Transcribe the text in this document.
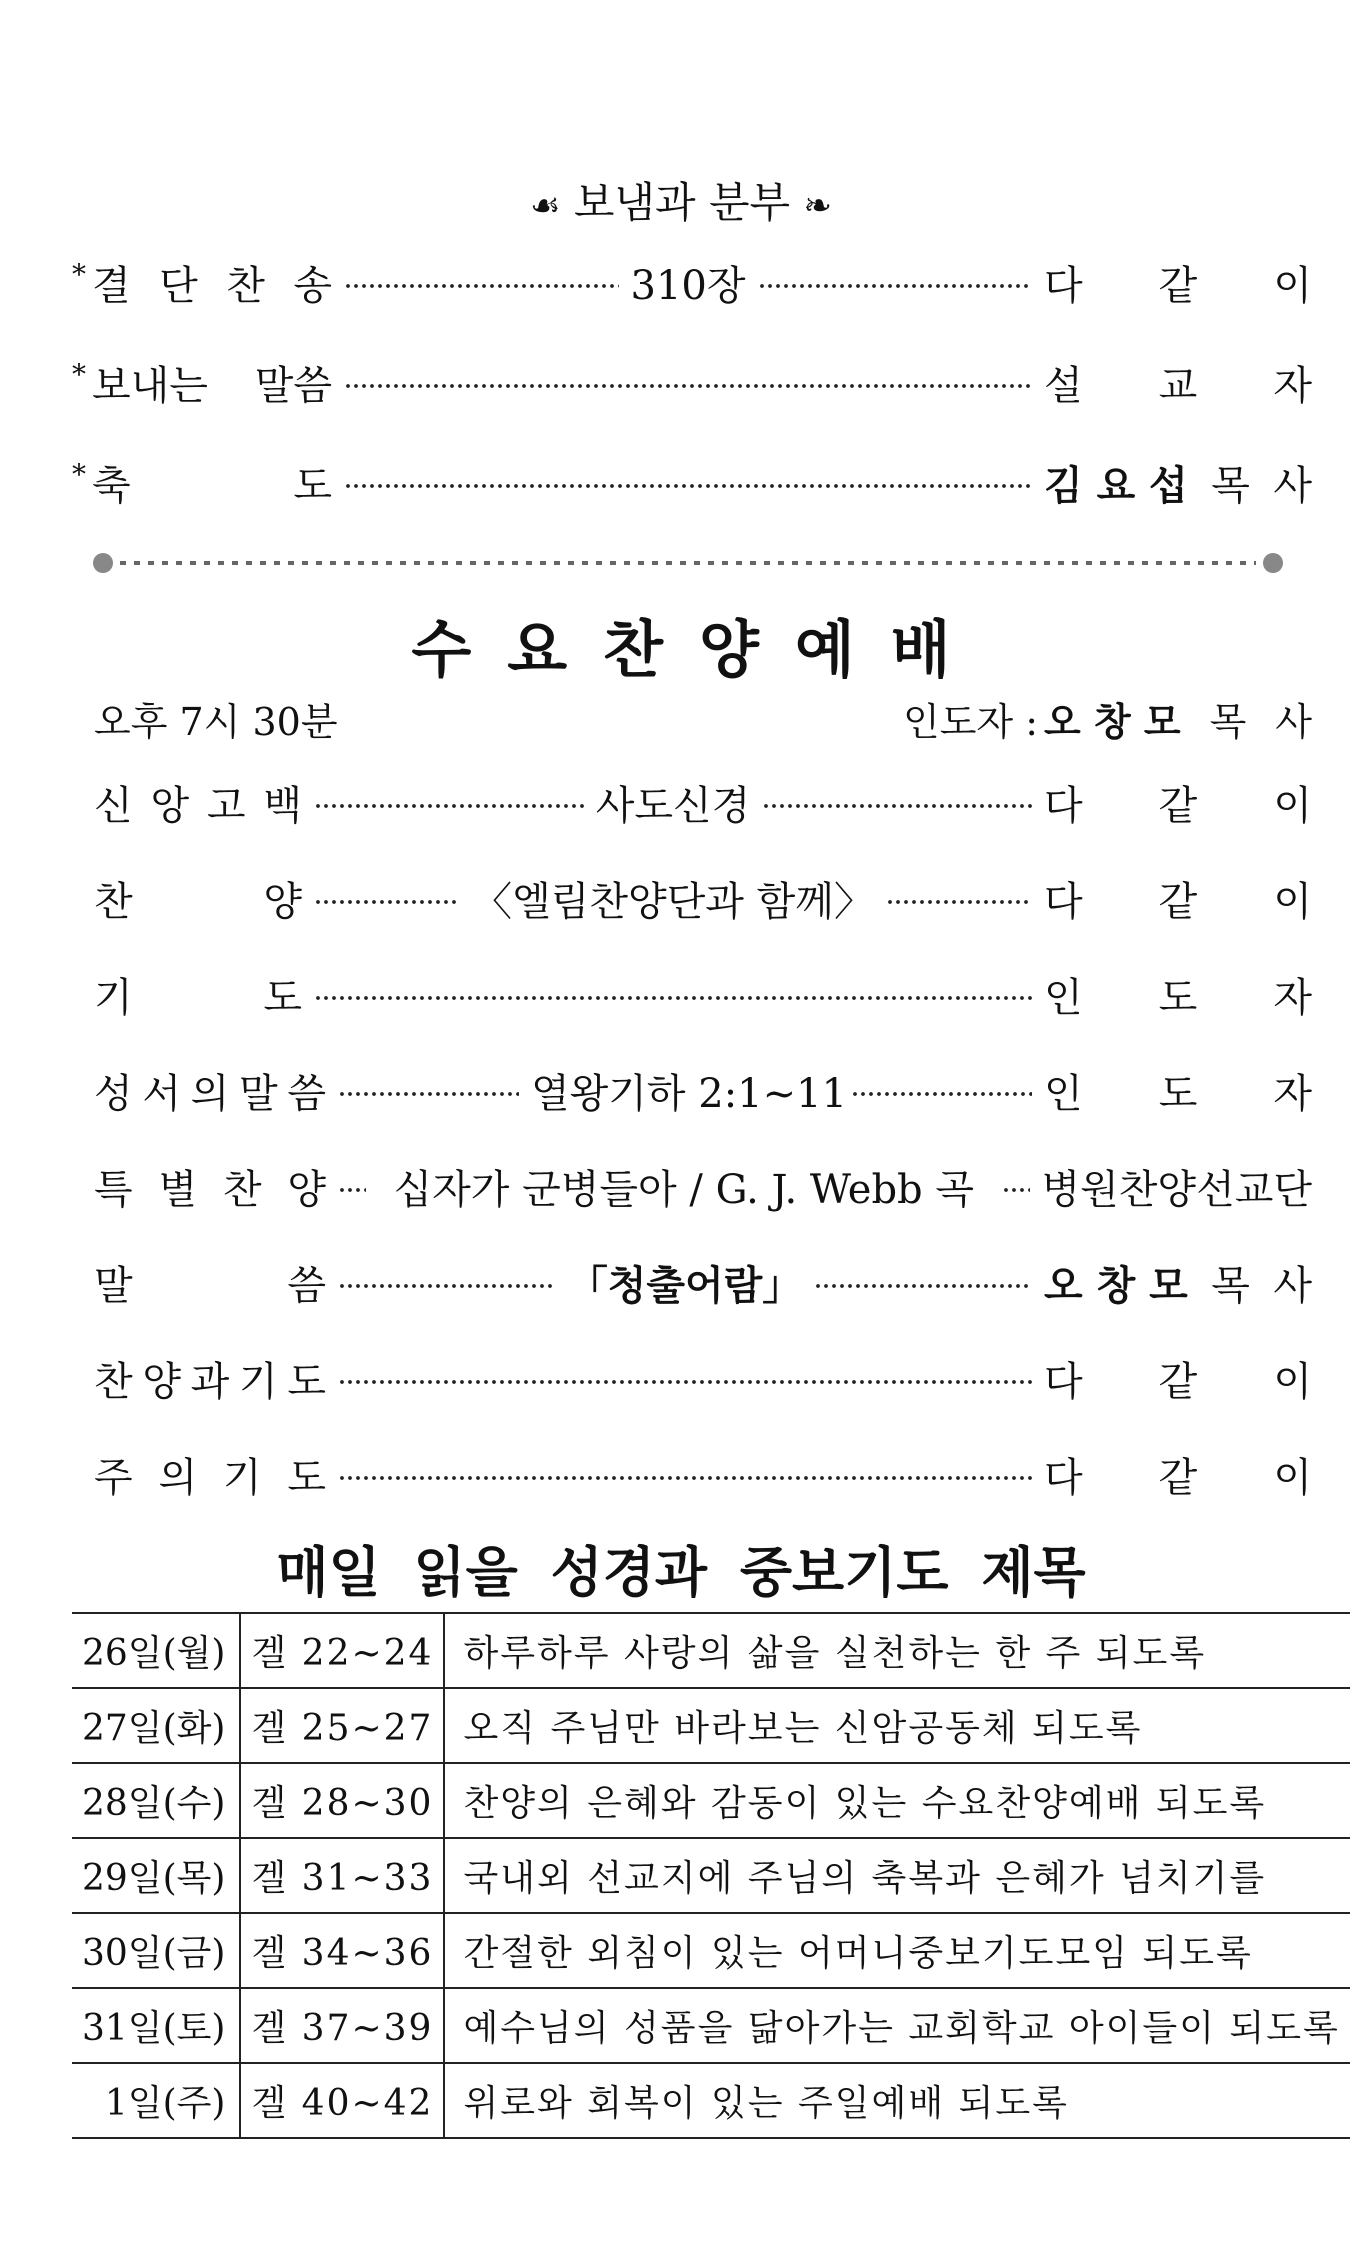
☙ 보냄과 분부 ❧
* 결 단 찬 송	310장	다 같 이
* 보내는 말씀	설 교 자
* 축	도	김 요 섭 목 사
수요찬양예배
오후 7시 30분	인도자 : 오 창 모 목 사
신 앙 고 백	사도신경	다 같 이
찬	양	〈엘림찬양단과 함께〉	다 같 이
기	도	인 도 자
성 서 의 말 씀	열왕기하 2:1~11	인 도 자
특 별 찬 양	십자가 군병들아 / G. J. Webb 곡	병원찬양선교단
말	씀	「청출어람」	오 창 모 목 사
찬 양 과 기 도	다 같 이
주 의 기 도	다 같 이
매일 읽을 성경과 중보기도 제목
26일(월)	겔 22~24	하루하루 사랑의 삶을 실천하는 한 주 되도록
27일(화)	겔 25~27	오직 주님만 바라보는 신암공동체 되도록
28일(수)	겔 28~30	찬양의 은혜와 감동이 있는 수요찬양예배 되도록
29일(목)	겔 31~33	국내외 선교지에 주님의 축복과 은혜가 넘치기를
30일(금)	겔 34~36	간절한 외침이 있는 어머니중보기도모임 되도록
31일(토)	겔 37~39	예수님의 성품을 닮아가는 교회학교 아이들이 되도록
1일(주)	겔 40~42	위로와 회복이 있는 주일예배 되도록
